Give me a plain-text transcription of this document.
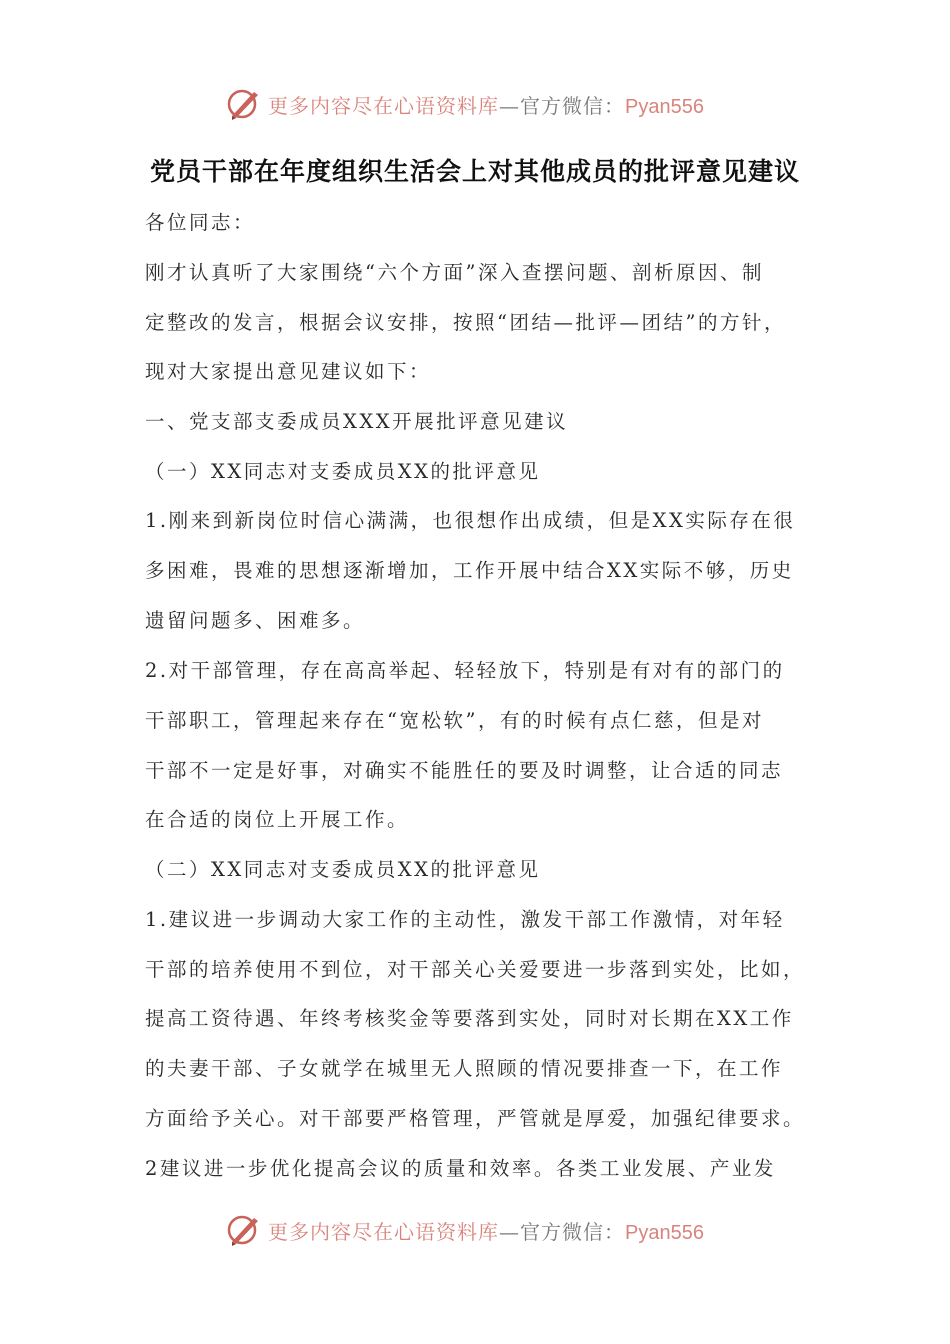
更多内容尽在心语资料库—官方微信：Pyan556
党员干部在年度组织生活会上对其他成员的批评意见建议
各位同志：
刚才认真听了大家围绕“六个方面”深入查摆问题、剖析原因、制
定整改的发言，根据会议安排，按照“团结—批评—团结”的方针，
现对大家提出意见建议如下：
一、党支部支委成员XXX开展批评意见建议
（一）XX同志对支委成员XX的批评意见
1.刚来到新岗位时信心满满，也很想作出成绩，但是XX实际存在很
多困难，畏难的思想逐渐增加，工作开展中结合XX实际不够，历史
遗留问题多、困难多。
2.对干部管理，存在高高举起、轻轻放下，特别是有对有的部门的
干部职工，管理起来存在“宽松软”，有的时候有点仁慈，但是对
干部不一定是好事，对确实不能胜任的要及时调整，让合适的同志
在合适的岗位上开展工作。
（二）XX同志对支委成员XX的批评意见
1.建议进一步调动大家工作的主动性，激发干部工作激情，对年轻
干部的培养使用不到位，对干部关心关爱要进一步落到实处，比如，
提高工资待遇、年终考核奖金等要落到实处，同时对长期在XX工作
的夫妻干部、子女就学在城里无人照顾的情况要排查一下，在工作
方面给予关心。对干部要严格管理，严管就是厚爱，加强纪律要求。
2建议进一步优化提高会议的质量和效率。各类工业发展、产业发
更多内容尽在心语资料库—官方微信：Pyan556
